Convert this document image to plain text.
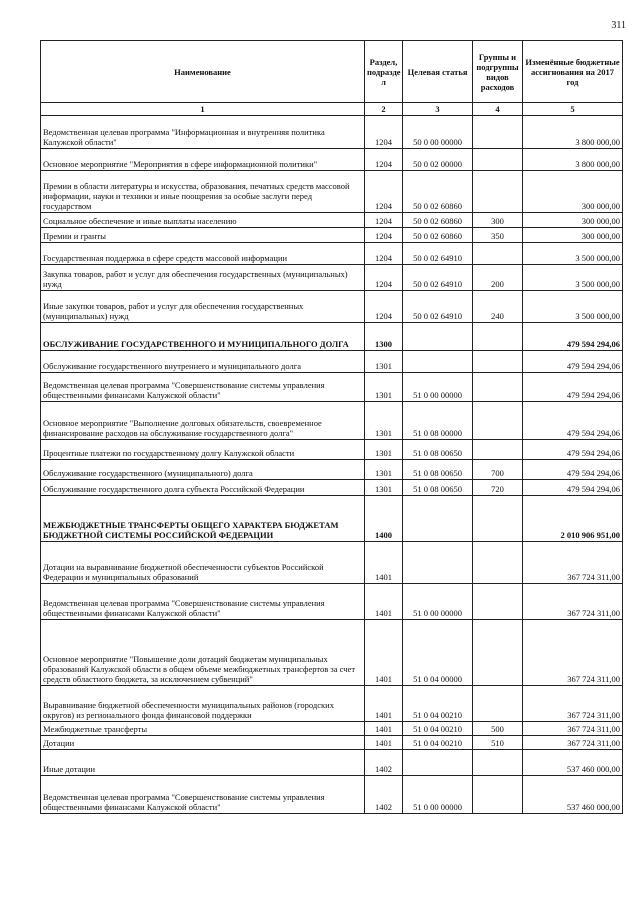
311
Наименование	Раздел, подразде л	Целевая статья	Группы и подгруппы видов расходов	Изменённые бюджетные ассигнования на 2017 год
1	2	3	4	5
Ведомственная целевая программа "Информационная и внутренняя политика Калужской области"	1204	50 0 00 00000		3 800 000,00
Основное мероприятие "Мероприятия в сфере информационной политики"	1204	50 0 02 00000		3 800 000,00
Премии в области литературы и искусства, образования, печатных средств массовой информации, науки и техники и иные поощрения за особые заслуги перед государством	1204	50 0 02 60860		300 000,00
Социальное обеспечение и иные выплаты населению	1204	50 0 02 60860	300	300 000,00
Премии и гранты	1204	50 0 02 60860	350	300 000,00
Государственная поддержка в сфере средств массовой информации	1204	50 0 02 64910		3 500 000,00
Закупка товаров, работ и услуг для обеспечения государственных (муниципальных) нужд	1204	50 0 02 64910	200	3 500 000,00
Иные закупки товаров, работ и услуг для обеспечения государственных (муниципальных) нужд	1204	50 0 02 64910	240	3 500 000,00
ОБСЛУЖИВАНИЕ ГОСУДАРСТВЕННОГО И МУНИЦИПАЛЬНОГО ДОЛГА	1300			479 594 294,06
Обслуживание государственного внутреннего и муниципального долга	1301			479 594 294,06
Ведомственная целевая программа "Совершенствование системы управления общественными финансами Калужской области"	1301	51 0 00 00000		479 594 294,06
Основное мероприятие "Выполнение долговых обязательств, своевременное финансирование расходов на обслуживание государственного долга"	1301	51 0 08 00000		479 594 294,06
Процентные платежи по государственному долгу Калужской области	1301	51 0 08 00650		479 594 294,06
Обслуживание государственного (муниципального) долга	1301	51 0 08 00650	700	479 594 294,06
Обслуживание государственного долга субъекта Российской Федерации	1301	51 0 08 00650	720	479 594 294,06
МЕЖБЮДЖЕТНЫЕ ТРАНСФЕРТЫ ОБЩЕГО ХАРАКТЕРА БЮДЖЕТАМ БЮДЖЕТНОЙ СИСТЕМЫ РОССИЙСКОЙ ФЕДЕРАЦИИ	1400			2 010 906 951,00
Дотации на выравнивание бюджетной обеспеченности субъектов Российской Федерации и муниципальных образований	1401			367 724 311,00
Ведомственная целевая программа "Совершенствование системы управления общественными финансами Калужской области"	1401	51 0 00 00000		367 724 311,00
Основное мероприятие "Повышение доли дотаций бюджетам муниципальных образований Калужской области в общем объеме межбюджетных трансфертов за счет средств областного бюджета, за исключением субвенций"	1401	51 0 04 00000		367 724 311,00
Выравнивание бюджетной обеспеченности муниципальных районов (городских округов) из регионального фонда финансовой поддержки	1401	51 0 04 00210		367 724 311,00
Межбюджетные трансферты	1401	51 0 04 00210	500	367 724 311,00
Дотации	1401	51 0 04 00210	510	367 724 311,00
Иные дотации	1402			537 460 000,00
Ведомственная целевая программа "Совершенствование системы управления общественными финансами Калужской области"	1402	51 0 00 00000		537 460 000,00
